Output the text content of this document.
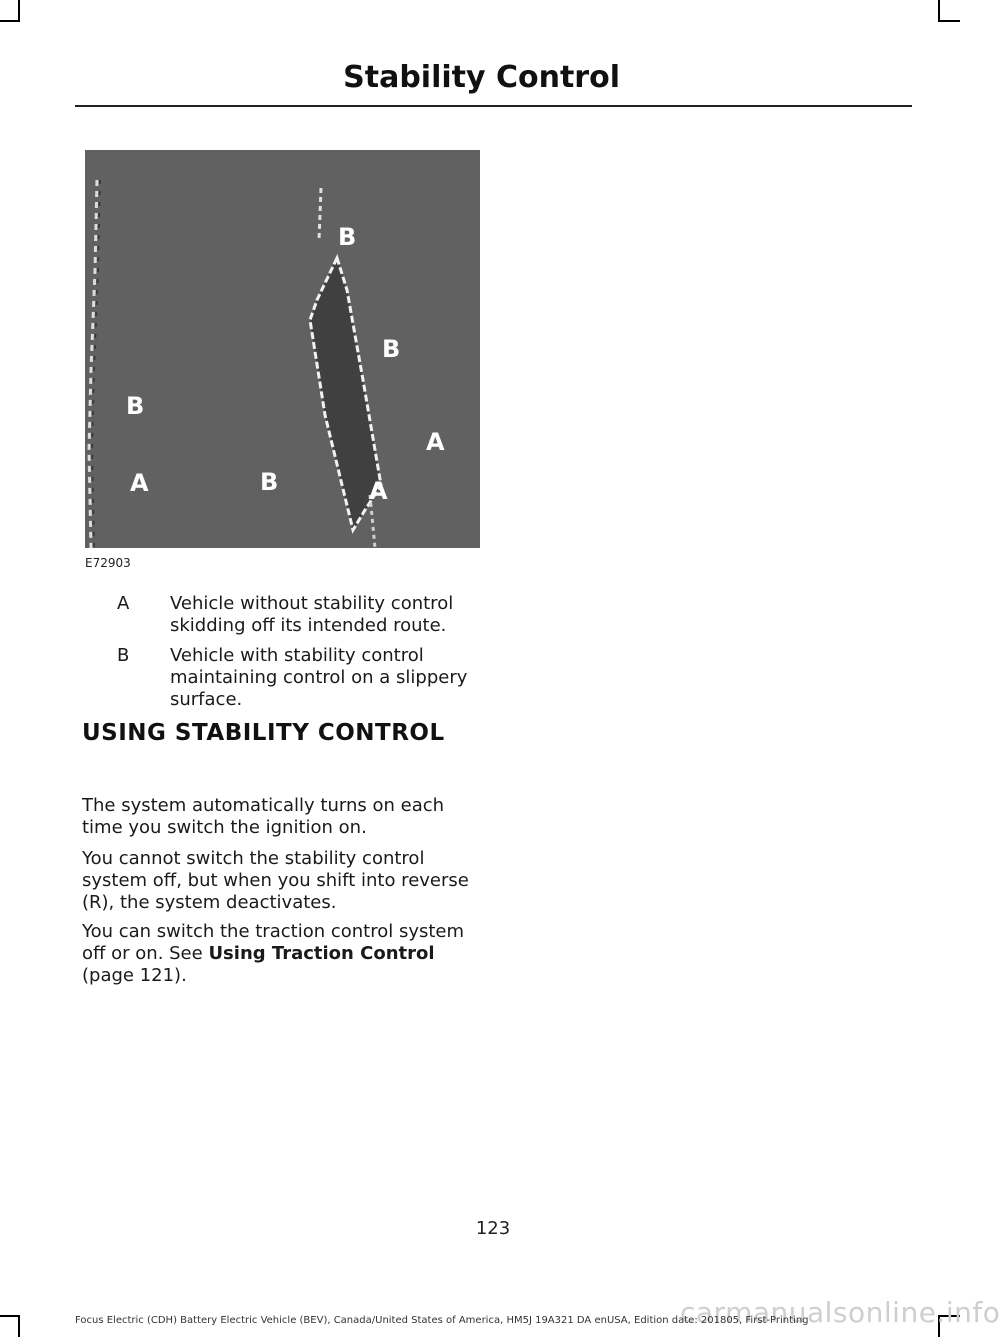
Stability Control
B
B
B
A
B
A	A
E72903
A Vehicle without stability control skidding off its intended route.
B Vehicle with stability control maintaining control on a slippery surface.
USING STABILITY CONTROL
The system automatically turns on each time you switch the ignition on.
You cannot switch the stability control system off, but when you shift into reverse (R), the system deactivates.
You can switch the traction control system off or on. See Using Traction Control (page 121).
123
carmanualsonline.info
Focus Electric (CDH) Battery Electric Vehicle (BEV), Canada/United States of America, HM5J 19A321 DA enUSA, Edition date: 201805, First-Printing
